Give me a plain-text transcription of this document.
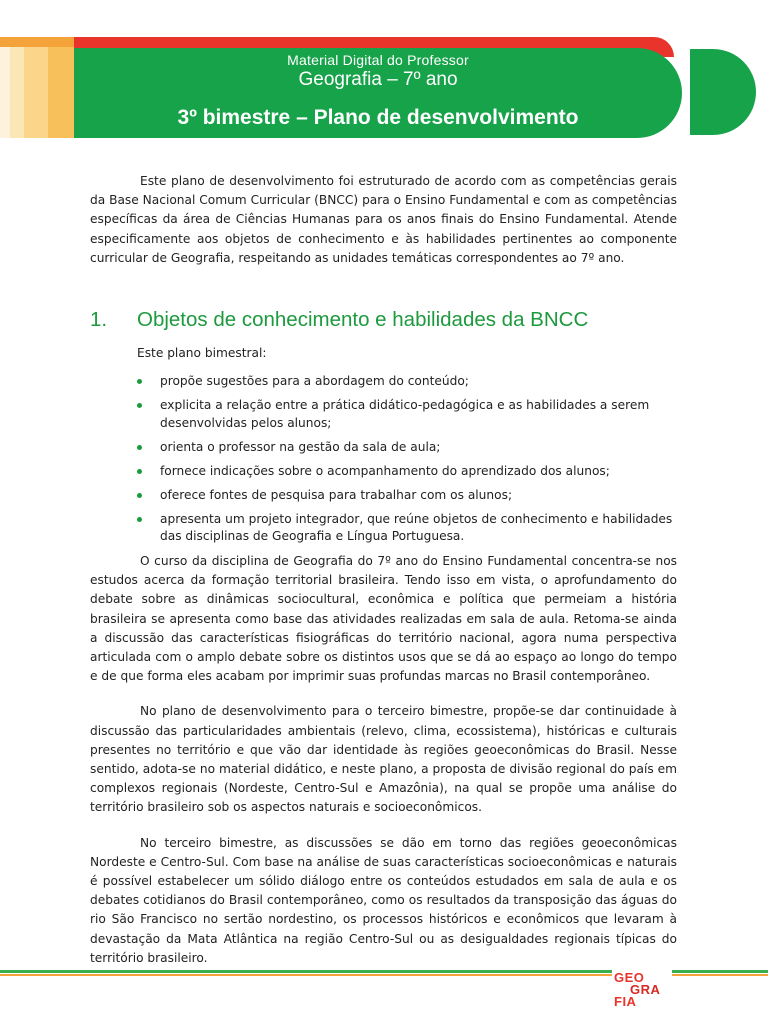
Material Digital do Professor
Geografia – 7º ano
3º bimestre – Plano de desenvolvimento

Este plano de desenvolvimento foi estruturado de acordo com as competências gerais da Base Nacional Comum Curricular (BNCC) para o Ensino Fundamental e com as competências específicas da área de Ciências Humanas para os anos finais do Ensino Fundamental. Atende especificamente aos objetos de conhecimento e às habilidades pertinentes ao componente curricular de Geografia, respeitando as unidades temáticas correspondentes ao 7º ano.

1.	Objetos de conhecimento e habilidades da BNCC
Este plano bimestral:
propõe sugestões para a abordagem do conteúdo;
explicita a relação entre a prática didático-pedagógica e as habilidades a serem desenvolvidas pelos alunos;
orienta o professor na gestão da sala de aula;
fornece indicações sobre o acompanhamento do aprendizado dos alunos;
oferece fontes de pesquisa para trabalhar com os alunos;
apresenta um projeto integrador, que reúne objetos de conhecimento e habilidades das disciplinas de Geografia e Língua Portuguesa.

O curso da disciplina de Geografia do 7º ano do Ensino Fundamental concentra-se nos estudos acerca da formação territorial brasileira. Tendo isso em vista, o aprofundamento do debate sobre as dinâmicas sociocultural, econômica e política que permeiam a história brasileira se apresenta como base das atividades realizadas em sala de aula. Retoma-se ainda a discussão das características fisiográficas do território nacional, agora numa perspectiva articulada com o amplo debate sobre os distintos usos que se dá ao espaço ao longo do tempo e de que forma eles acabam por imprimir suas profundas marcas no Brasil contemporâneo.

No plano de desenvolvimento para o terceiro bimestre, propõe-se dar continuidade à discussão das particularidades ambientais (relevo, clima, ecossistema), históricas e culturais presentes no território e que vão dar identidade às regiões geoeconômicas do Brasil. Nesse sentido, adota-se no material didático, e neste plano, a proposta de divisão regional do país em complexos regionais (Nordeste, Centro-Sul e Amazônia), na qual se propõe uma análise do território brasileiro sob os aspectos naturais e socioeconômicos.

No terceiro bimestre, as discussões se dão em torno das regiões geoeconômicas Nordeste e Centro-Sul. Com base na análise de suas características socioeconômicas e naturais é possível estabelecer um sólido diálogo entre os conteúdos estudados em sala de aula e os debates cotidianos do Brasil contemporâneo, como os resultados da transposição das águas do rio São Francisco no sertão nordestino, os processos históricos e econômicos que levaram à devastação da Mata Atlântica na região Centro-Sul ou as desigualdades regionais típicas do território brasileiro.

GEO
GRA
FIA
